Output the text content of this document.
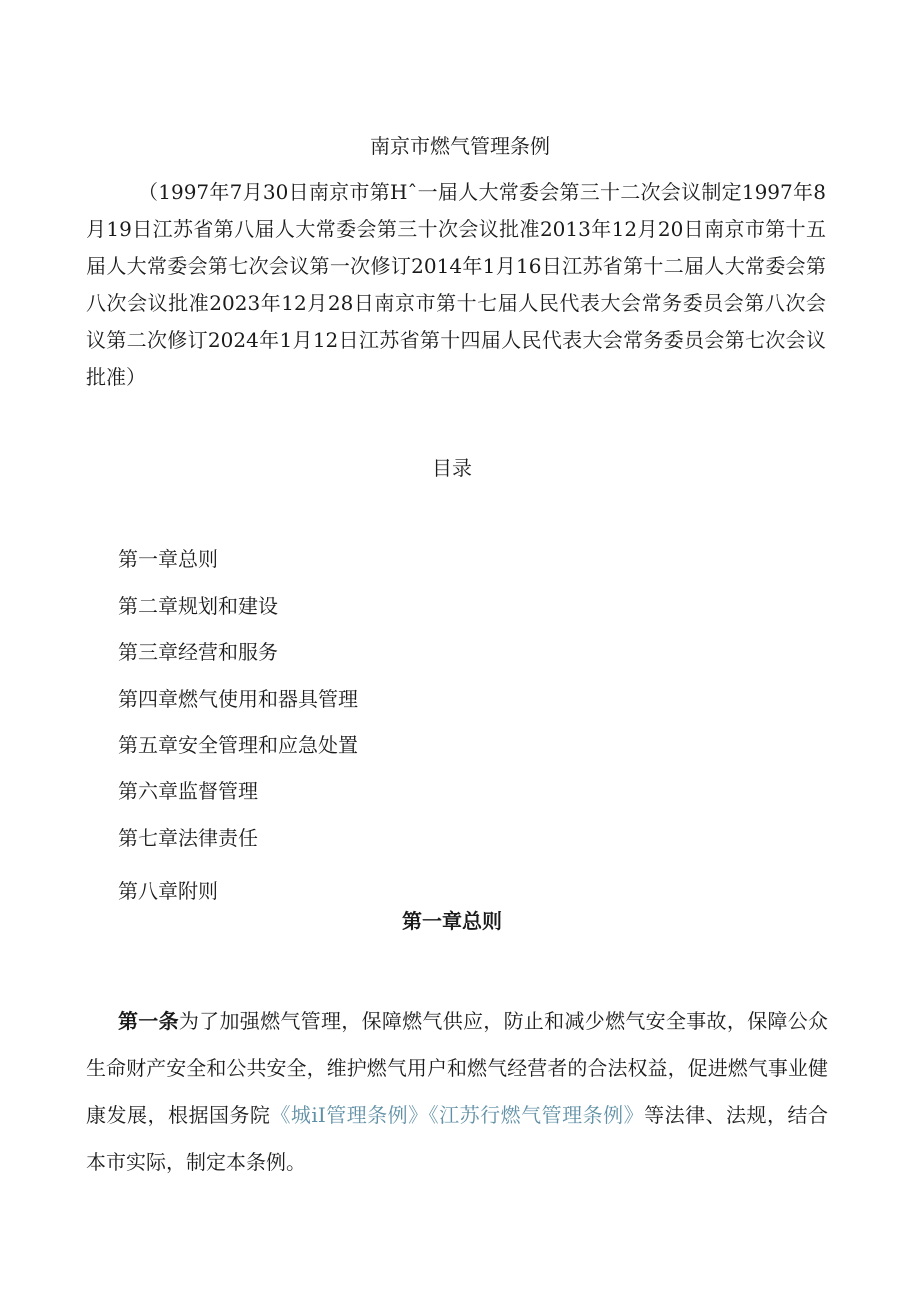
南京市燃气管理条例

（1997年7月30日南京市第Hˆ一届人大常委会第三十二次会议制定1997年8月19日江苏省第八届人大常委会第三十次会议批准2013年12月20日南京市第十五届人大常委会第七次会议第一次修订2014年1月16日江苏省第十二届人大常委会第八次会议批准2023年12月28日南京市第十七届人民代表大会常务委员会第八次会议第二次修订2024年1月12日江苏省第十四届人民代表大会常务委员会第七次会议批准）

目录
第一章总则
第二章规划和建设
第三章经营和服务
第四章燃气使用和器具管理
第五章安全管理和应急处置
第六章监督管理
第七章法律责任
第八章附则
第一章总则

第一条为了加强燃气管理，保障燃气供应，防止和减少燃气安全事故，保障公众生命财产安全和公共安全，维护燃气用户和燃气经营者的合法权益，促进燃气事业健康发展，根据国务院《城iI管理条例》《江苏行燃气管理条例》等法律、法规，结合本市实际，制定本条例。
